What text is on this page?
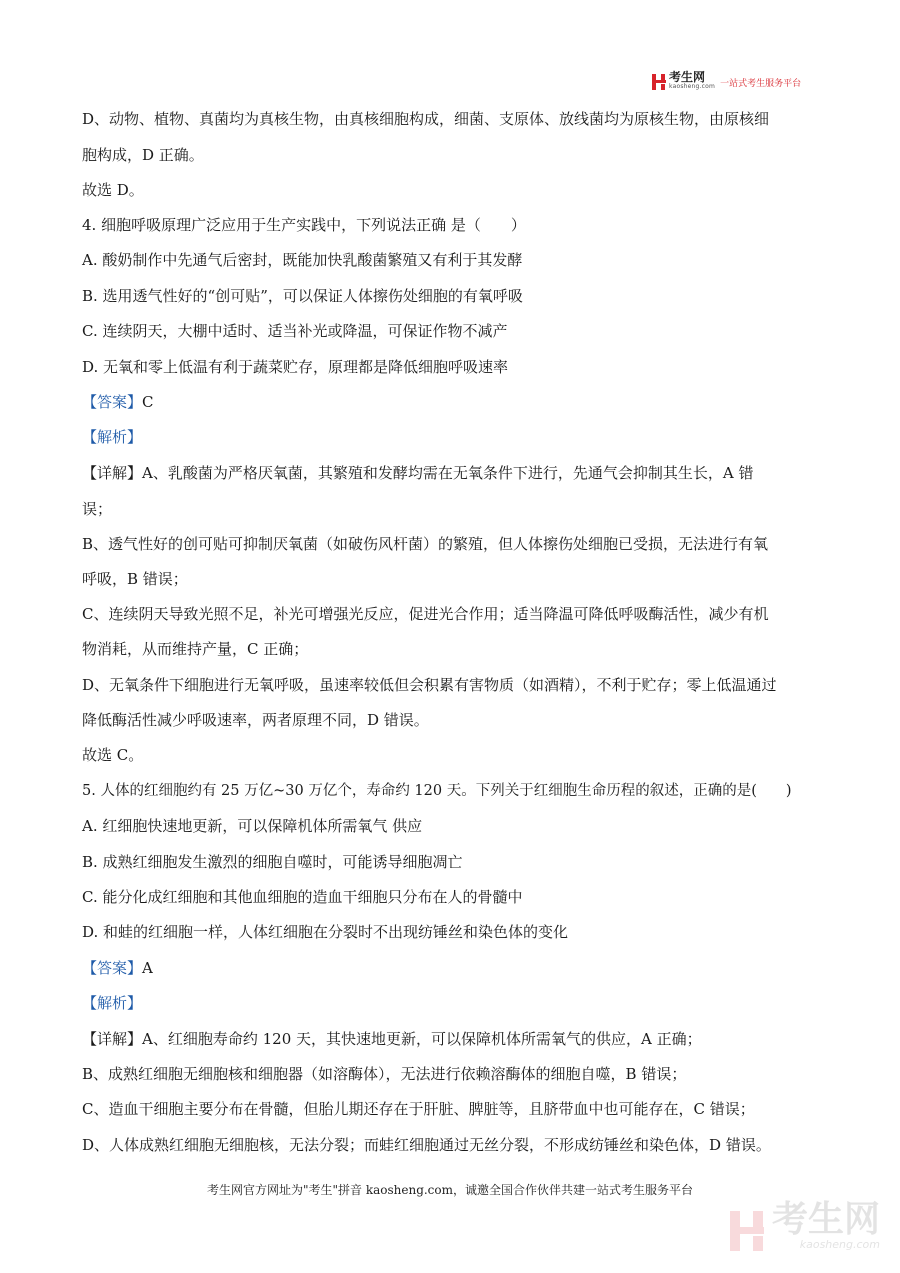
考生网
kaosheng.com 一站式考生服务平台
D、动物、植物、真菌均为真核生物，由真核细胞构成，细菌、支原体、放线菌均为原核生物，由原核细
胞构成，D 正确。
故选 D。
4. 细胞呼吸原理广泛应用于生产实践中，下列说法正确 是（　　）
A. 酸奶制作中先通气后密封，既能加快乳酸菌繁殖又有利于其发酵
B. 选用透气性好的“创可贴”，可以保证人体擦伤处细胞的有氧呼吸
C. 连续阴天，大棚中适时、适当补光或降温，可保证作物不减产
D. 无氧和零上低温有利于蔬菜贮存，原理都是降低细胞呼吸速率
【答案】C
【解析】
【详解】A、乳酸菌为严格厌氧菌，其繁殖和发酵均需在无氧条件下进行，先通气会抑制其生长，A 错
误；
B、透气性好的创可贴可抑制厌氧菌（如破伤风杆菌）的繁殖，但人体擦伤处细胞已受损，无法进行有氧
呼吸，B 错误；
C、连续阴天导致光照不足，补光可增强光反应，促进光合作用；适当降温可降低呼吸酶活性，减少有机
物消耗，从而维持产量，C 正确；
D、无氧条件下细胞进行无氧呼吸，虽速率较低但会积累有害物质（如酒精），不利于贮存；零上低温通过
降低酶活性减少呼吸速率，两者原理不同，D 错误。
故选 C。
5. 人体的红细胞约有 25 万亿~30 万亿个，寿命约 120 天。下列关于红细胞生命历程的叙述，正确的是(　　)
A. 红细胞快速地更新，可以保障机体所需氧气 供应
B. 成熟红细胞发生激烈的细胞自噬时，可能诱导细胞凋亡
C. 能分化成红细胞和其他血细胞的造血干细胞只分布在人的骨髓中
D. 和蛙的红细胞一样，人体红细胞在分裂时不出现纺锤丝和染色体的变化
【答案】A
【解析】
【详解】A、红细胞寿命约 120 天，其快速地更新，可以保障机体所需氧气的供应，A 正确；
B、成熟红细胞无细胞核和细胞器（如溶酶体），无法进行依赖溶酶体的细胞自噬，B 错误；
C、造血干细胞主要分布在骨髓，但胎儿期还存在于肝脏、脾脏等，且脐带血中也可能存在，C 错误；
D、人体成熟红细胞无细胞核，无法分裂；而蛙红细胞通过无丝分裂，不形成纺锤丝和染色体，D 错误。
考生网官方网址为"考生"拼音 kaosheng.com，诚邀全国合作伙伴共建一站式考生服务平台
考生网
kaosheng.com
